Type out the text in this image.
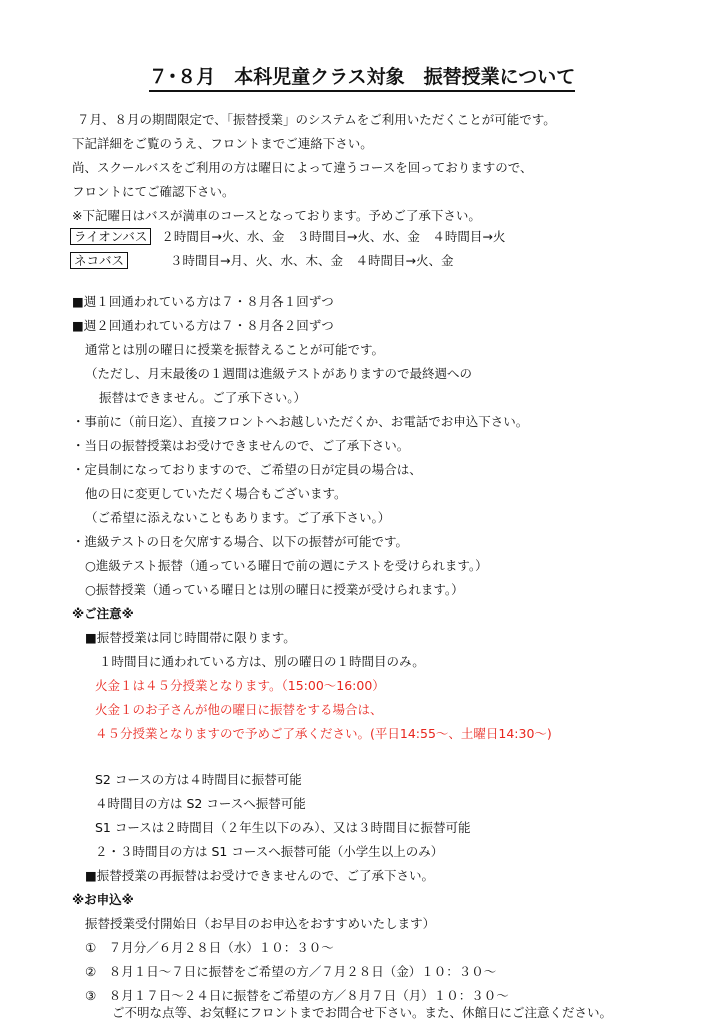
７･８月　本科児童クラス対象　振替授業について
７月、８月の期間限定で、「振替授業」のシステムをご利用いただくことが可能です。
下記詳細をご覧のうえ、フロントまでご連絡下さい。
尚、スクールバスをご利用の方は曜日によって違うコースを回っておりますので、
フロントにてご確認下さい。
※下記曜日はバスが満車のコースとなっております。予めご了承下さい。
ライオンバス ２時間目→火、水、金　３時間目→火、水、金　４時間目→火
ネコバス	３時間目→月、火、水、木、金　４時間目→火、金
■週１回通われている方は７・８月各１回ずつ
■週２回通われている方は７・８月各２回ずつ
通常とは別の曜日に授業を振替えることが可能です。
（ただし、月末最後の１週間は進級テストがありますので最終週への
振替はできません。ご了承下さい。）
・事前に（前日迄）、直接フロントへお越しいただくか、お電話でお申込下さい。
・当日の振替授業はお受けできませんので、ご了承下さい。
・定員制になっておりますので、ご希望の日が定員の場合は、
他の日に変更していただく場合もございます。
（ご希望に添えないこともあります。ご了承下さい。）
・進級テストの日を欠席する場合、以下の振替が可能です。
○進級テスト振替（通っている曜日で前の週にテストを受けられます。）
○振替授業（通っている曜日とは別の曜日に授業が受けられます。）
※ご注意※
■振替授業は同じ時間帯に限ります。
１時間目に通われている方は、別の曜日の１時間目のみ。
火金１は４５分授業となります。（15:00～16:00）
火金１のお子さんが他の曜日に振替をする場合は、
４５分授業となりますので予めご了承ください。(平日14:55～、土曜日14:30～)
S2 コースの方は４時間目に振替可能
４時間目の方は S2 コースへ振替可能
S1 コースは２時間目（２年生以下のみ）、又は３時間目に振替可能
２・３時間目の方は S1 コースへ振替可能（小学生以上のみ）
■振替授業の再振替はお受けできませんので、ご了承下さい。
※お申込※
振替授業受付開始日（お早目のお申込をおすすめいたします）
①　７月分／６月２８日（水）１０：３０～
②　８月１日～７日に振替をご希望の方／７月２８日（金）１０：３０～
③　８月１７日～２４日に振替をご希望の方／８月７日（月）１０：３０～
ご不明な点等、お気軽にフロントまでお問合せ下さい。また、休館日にご注意ください。
